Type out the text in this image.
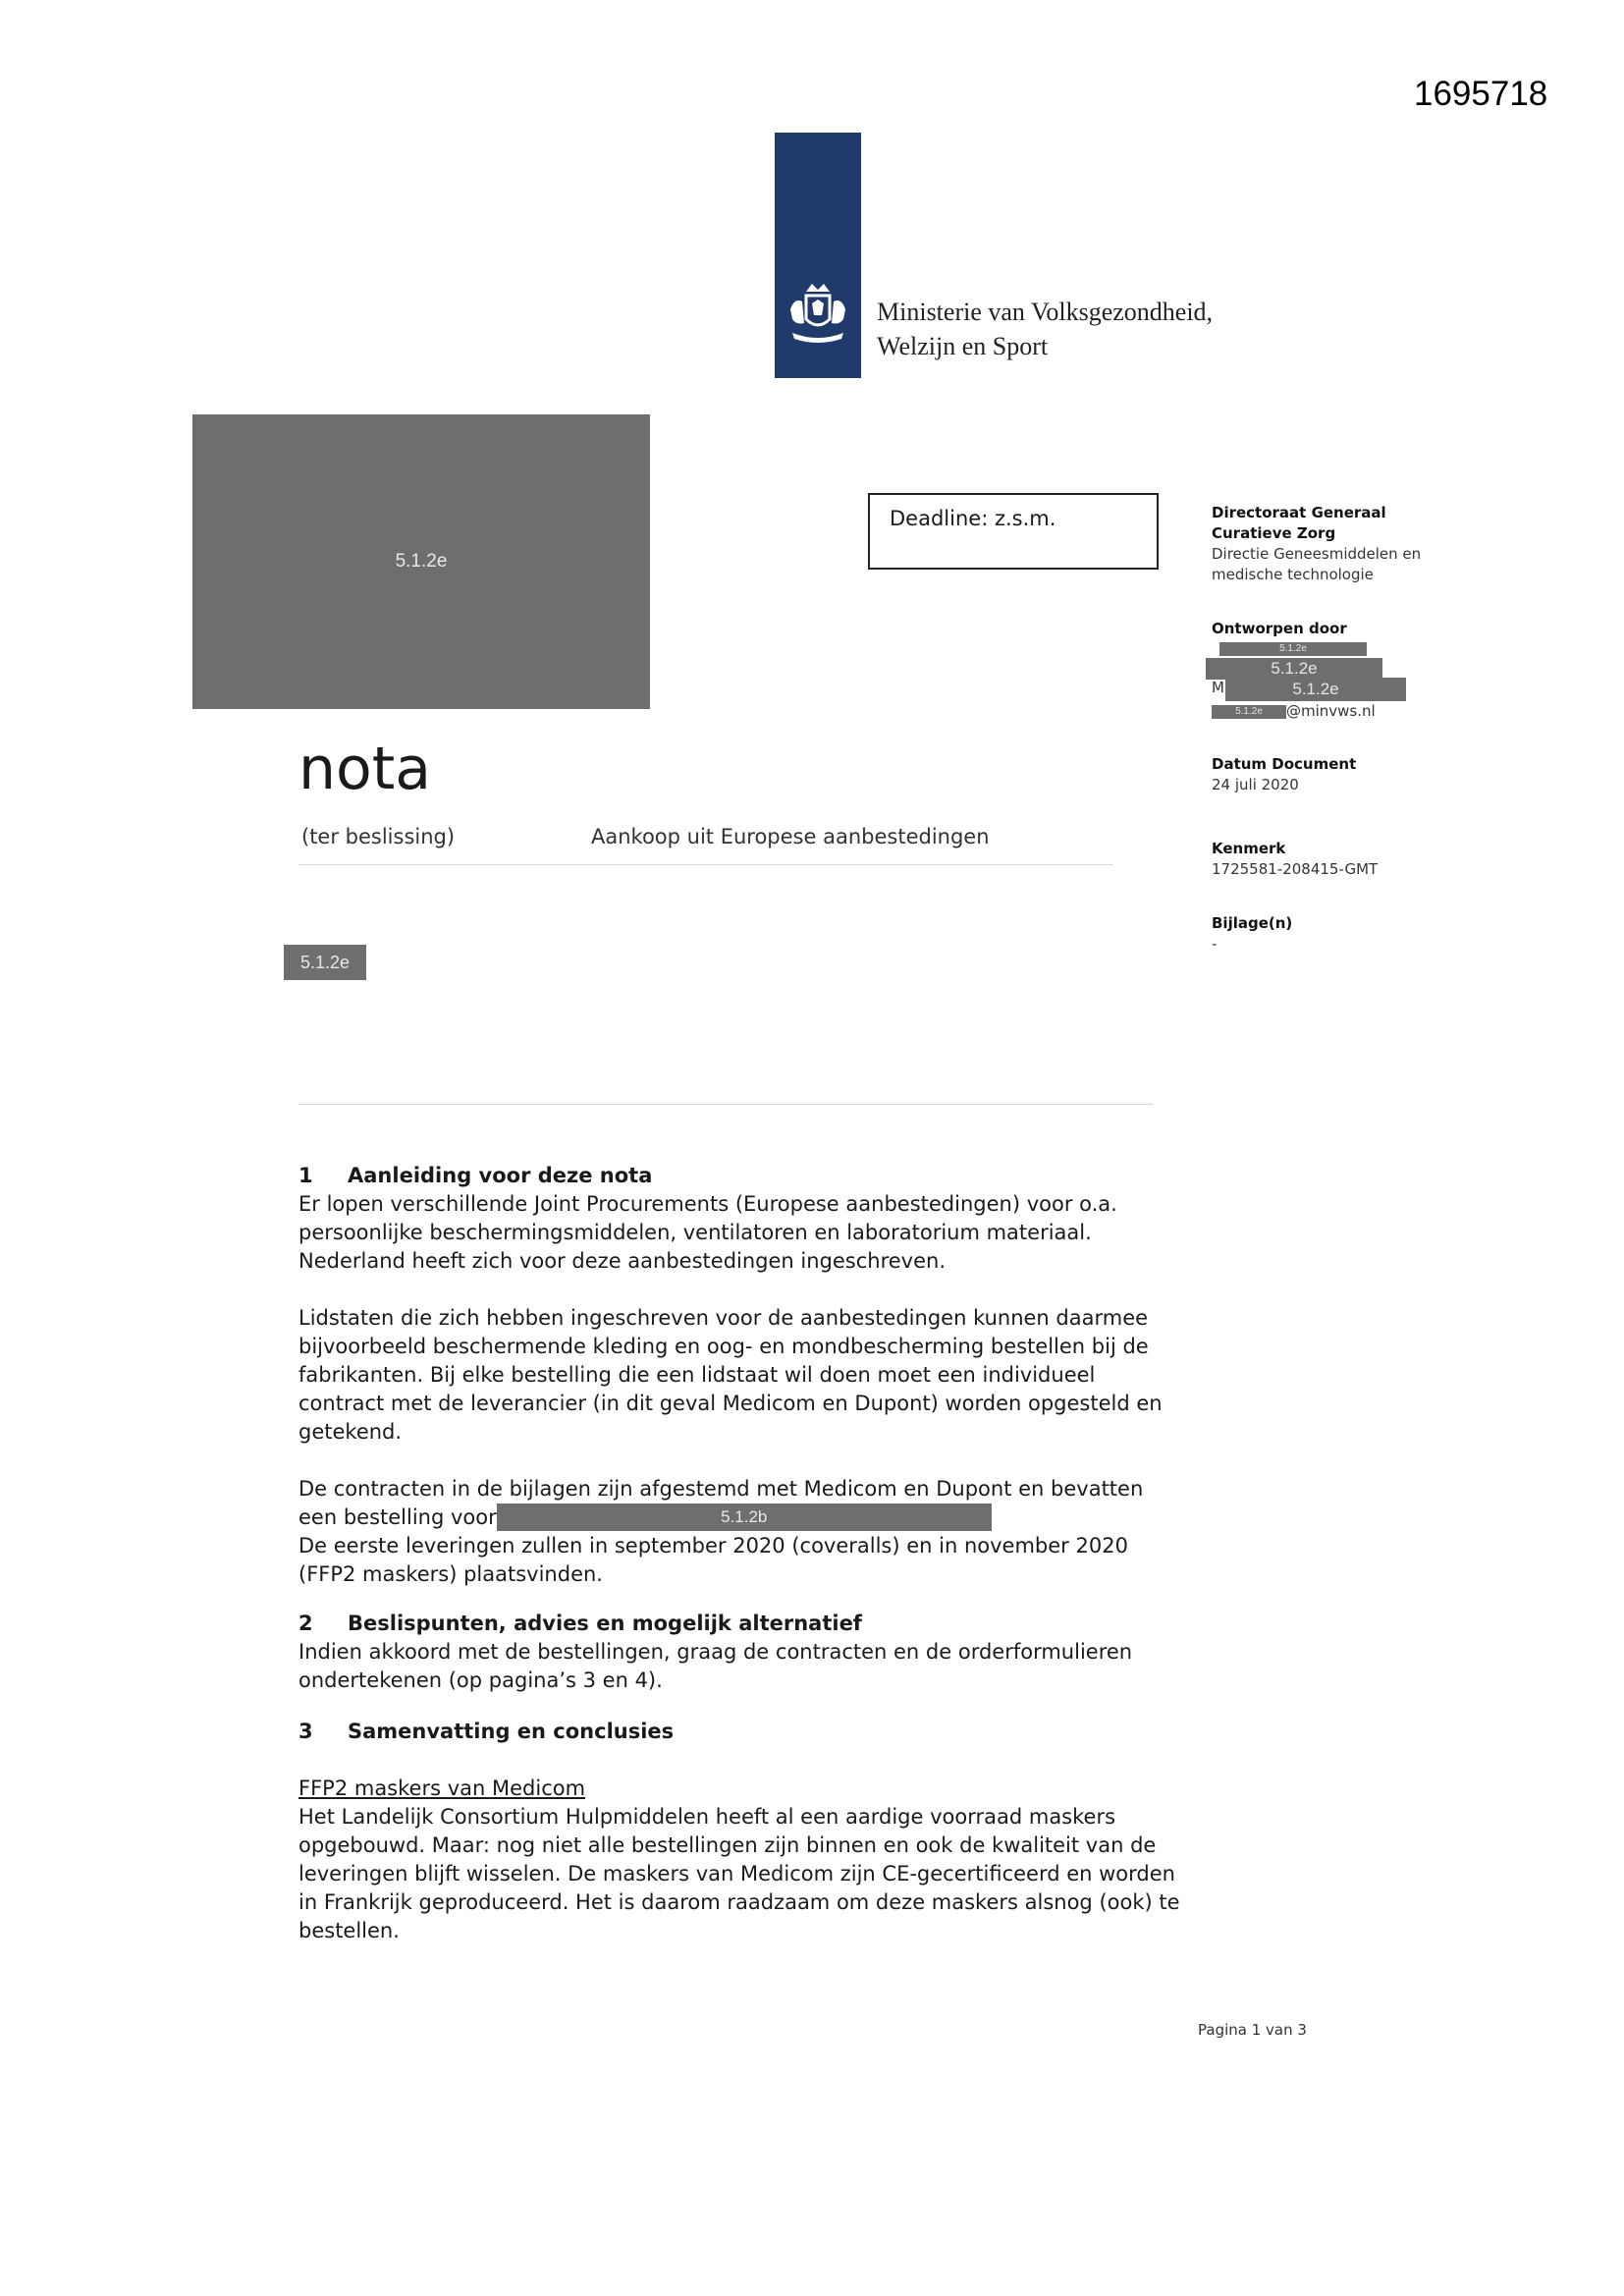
1695718
Ministerie van Volksgezondheid,
Welzijn en Sport
5.1.2e
Deadline: z.s.m.	Directoraat Generaal
Curatieve Zorg
Directie Geneesmiddelen en
medische technologie
Ontworpen door
5.1.2e
5.1.2e
M	5.1.2e
5.1.2e	@minvws.nl
Datum Document
24 juli 2020
Kenmerk
1725581-208415-GMT
Bijlage(n)
-
nota
(ter beslissing)	Aankoop uit Europese aanbestedingen
5.1.2e
1 Aanleiding voor deze nota

Er lopen verschillende Joint Procurements (Europese aanbestedingen) voor o.a. persoonlijke beschermingsmiddelen, ventilatoren en laboratorium materiaal. Nederland heeft zich voor deze aanbestedingen ingeschreven.

Lidstaten die zich hebben ingeschreven voor de aanbestedingen kunnen daarmee bijvoorbeeld beschermende kleding en oog- en mondbescherming bestellen bij de fabrikanten. Bij elke bestelling die een lidstaat wil doen moet een individueel contract met de leverancier (in dit geval Medicom en Dupont) worden opgesteld en getekend.

De contracten in de bijlagen zijn afgestemd met Medicom en Dupont en bevatten

een bestelling voor	5.1.2b

De eerste leveringen zullen in september 2020 (coveralls) en in november 2020 (FFP2 maskers) plaatsvinden.

2 Beslispunten, advies en mogelijk alternatief

Indien akkoord met de bestellingen, graag de contracten en de orderformulieren ondertekenen (op pagina’s 3 en 4).

3 Samenvatting en conclusies

FFP2 maskers van Medicom

Het Landelijk Consortium Hulpmiddelen heeft al een aardige voorraad maskers opgebouwd. Maar: nog niet alle bestellingen zijn binnen en ook de kwaliteit van de leveringen blijft wisselen. De maskers van Medicom zijn CE-gecertificeerd en worden in Frankrijk geproduceerd. Het is daarom raadzaam om deze maskers alsnog (ook) te bestellen.

Pagina 1 van 3
